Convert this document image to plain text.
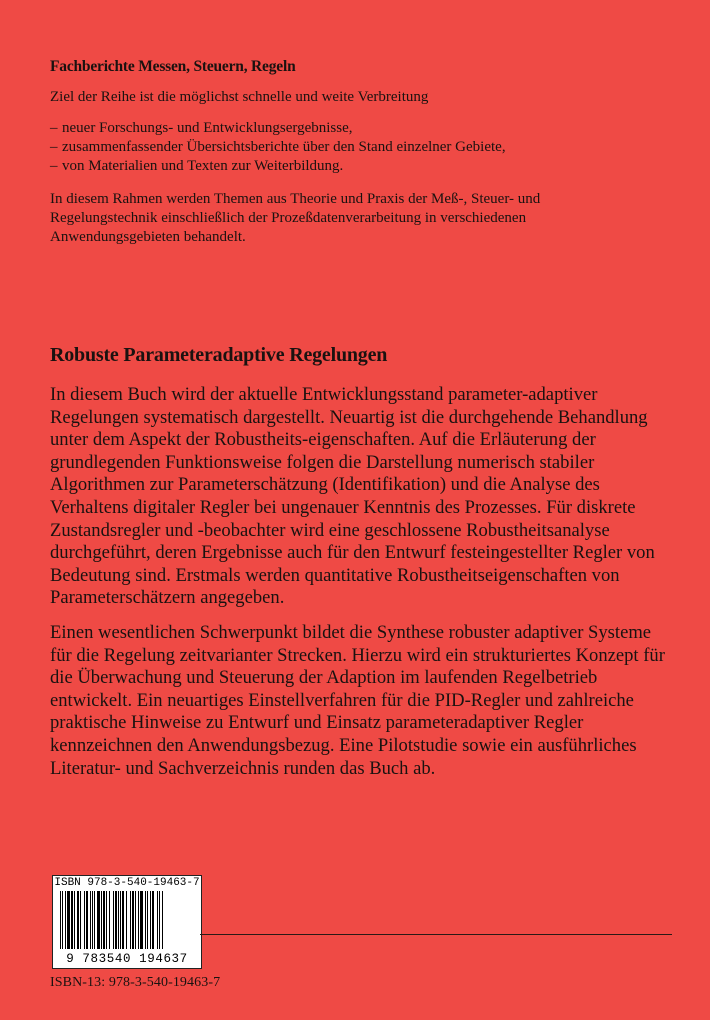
Fachberichte Messen, Steuern, Regeln
Ziel der Reihe ist die möglichst schnelle und weite Verbreitung
– neuer Forschungs- und Entwicklungsergebnisse,
– zusammenfassender Übersichtsberichte über den Stand einzelner Gebiete,
– von Materialien und Texten zur Weiterbildung.

In diesem Rahmen werden Themen aus Theorie und Praxis der Meß-, Steuer- und Regelungstechnik einschließlich der Prozeßdatenverarbeitung in verschiedenen Anwendungsgebieten behandelt.

Robuste Parameteradaptive Regelungen

In diesem Buch wird der aktuelle Entwicklungsstand parameter-adaptiver Regelungen systematisch dargestellt. Neuartig ist die durchgehende Behandlung unter dem Aspekt der Robustheits-eigenschaften. Auf die Erläuterung der grundlegenden Funktionsweise folgen die Darstellung numerisch stabiler Algorithmen zur Parameterschätzung (Identifikation) und die Analyse des Verhaltens digitaler Regler bei ungenauer Kenntnis des Prozesses. Für diskrete Zustandsregler und -beobachter wird eine geschlossene Robustheitsanalyse durchgeführt, deren Ergebnisse auch für den Entwurf festeingestellter Regler von Bedeutung sind. Erstmals werden quantitative Robustheitseigenschaften von Parameterschätzern angegeben.

Einen wesentlichen Schwerpunkt bildet die Synthese robuster adaptiver Systeme für die Regelung zeitvarianter Strecken. Hierzu wird ein strukturiertes Konzept für die Überwachung und Steuerung der Adaption im laufenden Regelbetrieb entwickelt. Ein neuartiges Einstellverfahren für die PID-Regler und zahlreiche praktische Hinweise zu Entwurf und Einsatz parameteradaptiver Regler kennzeichnen den Anwendungsbezug. Eine Pilotstudie sowie ein ausführliches Literatur- und Sachverzeichnis runden das Buch ab.

ISBN 978-3-540-19463-7
9 783540 194637
ISBN-13: 978-3-540-19463-7
